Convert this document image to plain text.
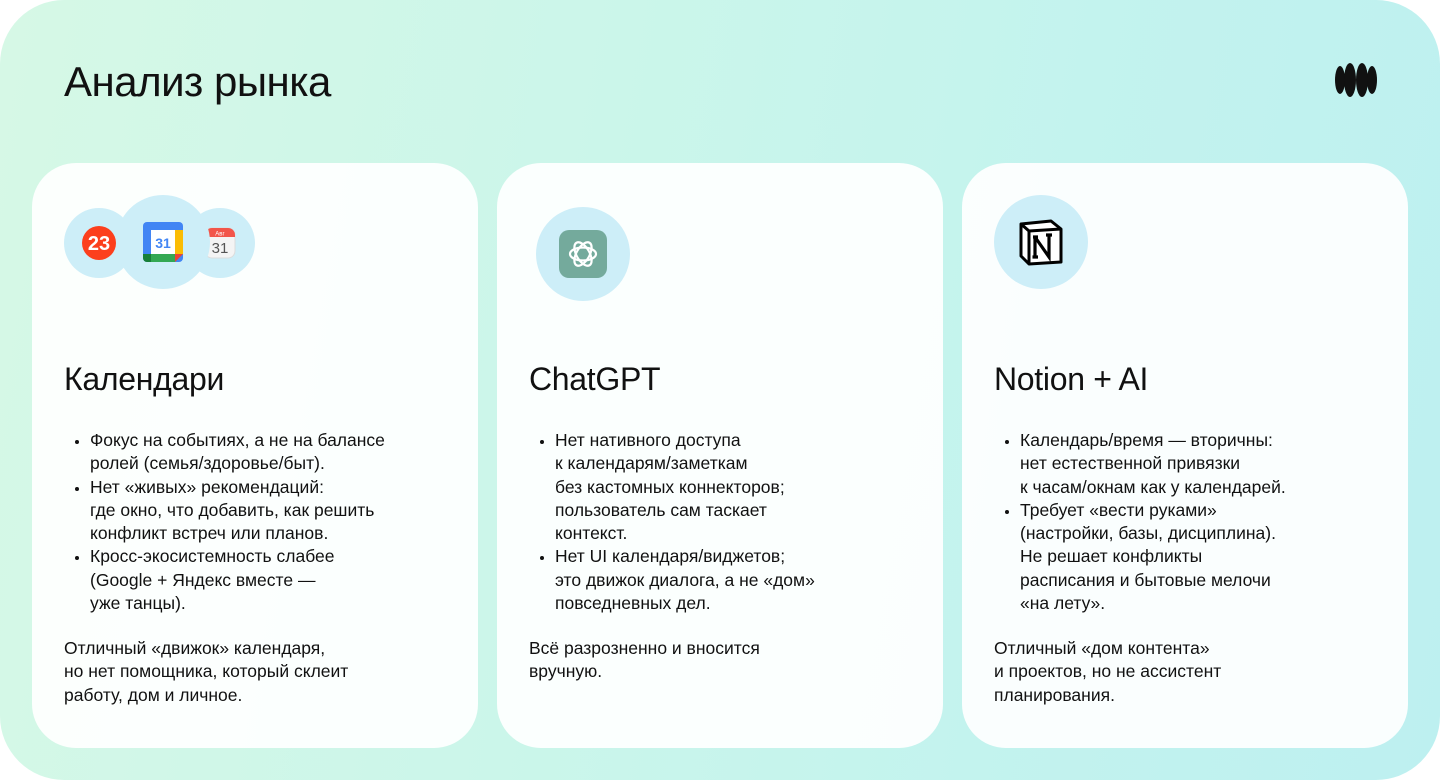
Анализ рынка
23	Авг
31
31
Календари
• Фокус на событиях, а не на балансе
ролей (семья/здоровье/быт).
• Нет «живых» рекомендаций:
где окно, что добавить, как решить
конфликт встреч или планов.
• Кросс-экосистемность слабее
(Google + Яндекс вместе —
уже танцы).

Отличный «движок» календаря,
но нет помощника, который склеит
работу, дом и личное.

ChatGPT
• Нет нативного доступа
к календарям/заметкам
без кастомных коннекторов;
пользователь сам таскает
контекст.
• Нет UI календаря/виджетов;
это движок диалога, а не «дом»
повседневных дел.

Всё разрозненно и вносится
вручную.

Notion + AI
• Календарь/время — вторичны:
нет естественной привязки
к часам/окнам как у календарей.
• Требует «вести руками»
(настройки, базы, дисциплина).
Не решает конфликты
расписания и бытовые мелочи
«на лету».

Отличный «дом контента»
и проектов, но не ассистент
планирования.
